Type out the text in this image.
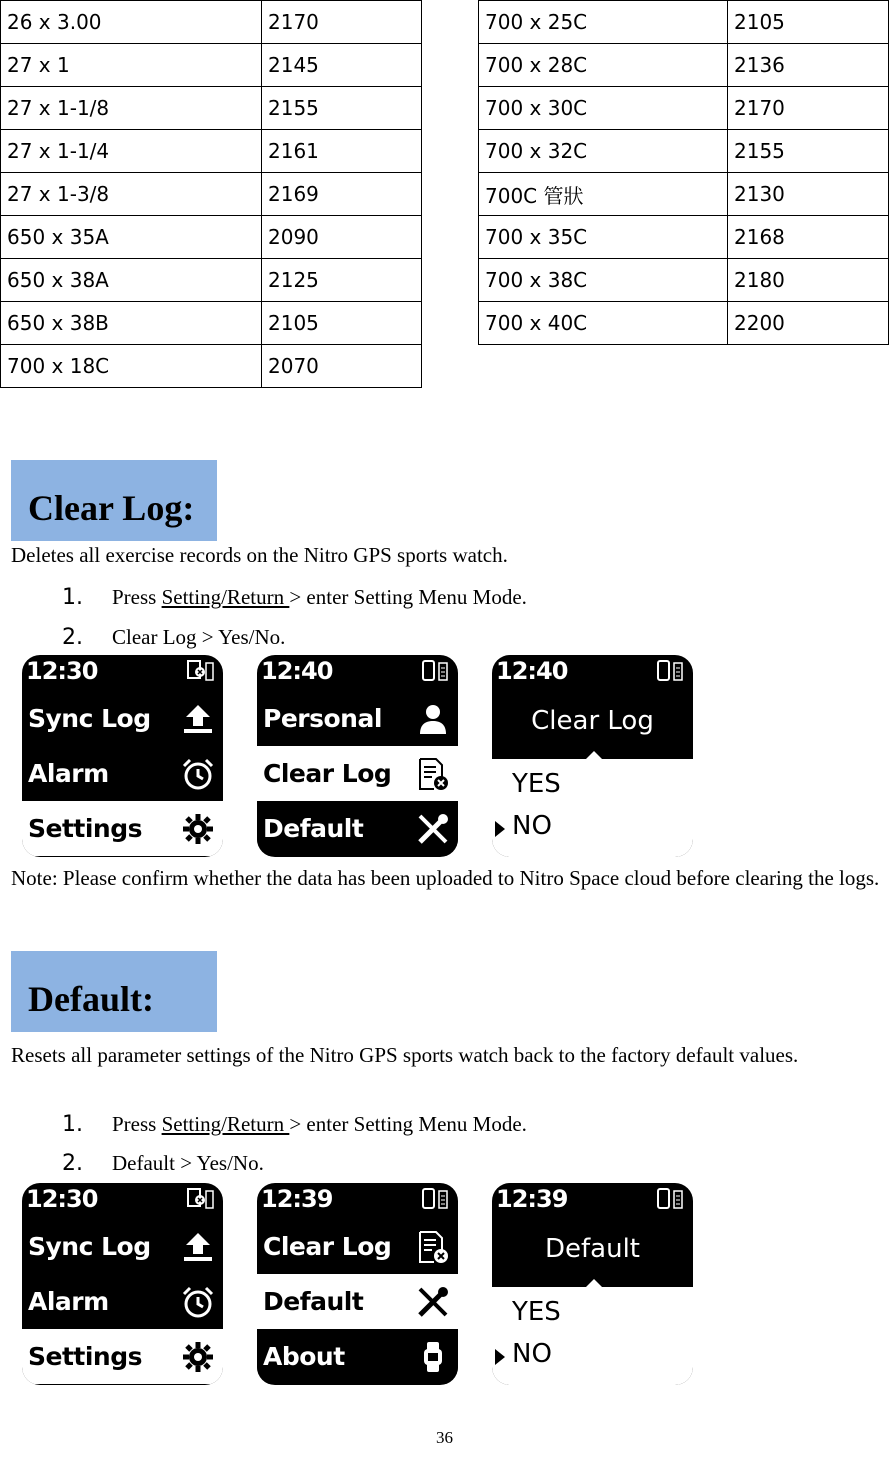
26 x 3.00	2170
27 x 1	2145
27 x 1-1/8	2155
27 x 1-1/4	2161
27 x 1-3/8	2169
650 x 35A	2090
650 x 38A	2125
650 x 38B	2105
700 x 18C	2070
700 x 25C	2105
700 x 28C	2136
700 x 30C	2170
700 x 32C	2155
700C 管狀	2130
700 x 35C	2168
700 x 38C	2180
700 x 40C	2200
Clear Log:
Deletes all exercise records on the Nitro GPS sports watch.
1. Press Setting/Return > enter Setting Menu Mode.
2. Clear Log > Yes/No.
12:30
Sync Log
Alarm
Settings
12:40
Personal
Clear Log
Default
12:40
Clear Log
YES
NO
Note: Please confirm whether the data has been uploaded to Nitro Space cloud before clearing the logs.
Default:
Resets all parameter settings of the Nitro GPS sports watch back to the factory default values.
1. Press Setting/Return > enter Setting Menu Mode.
2. Default > Yes/No.
12:30
Sync Log
Alarm
Settings
12:39
Clear Log
Default
About
12:39
Default
YES
NO
36
